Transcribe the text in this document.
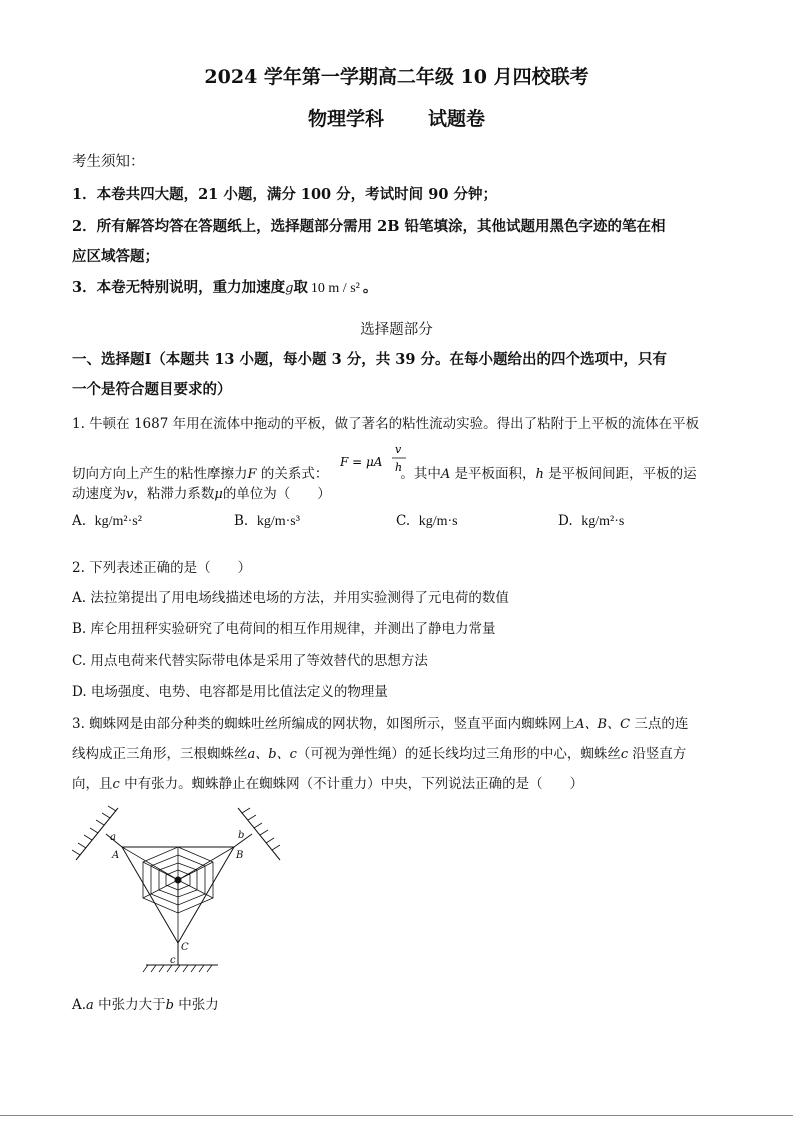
2024 学年第一学期高二年级 10 月四校联考
物理学科 试题卷
考生须知：
1．本卷共四大题，21 小题，满分 100 分，考试时间 90 分钟；
2．所有解答均答在答题纸上，选择题部分需用 2B 铅笔填涂，其他试题用黑色字迹的笔在相
应区域答题；
3．本卷无特别说明，重力加速度g取 10 m / s² 。
选择题部分
一、选择题Ⅰ（本题共 13 小题，每小题 3 分，共 39 分。在每小题给出的四个选项中，只有
一个是符合题目要求的）
1. 牛顿在 1687 年用在流体中拖动的平板，做了著名的粘性流动实验。得出了粘附于上平板的流体在平板
F = μA
v
h
切向方向上产生的粘性摩擦力F 的关系式：	。其中A 是平板面积，h 是平板间间距，平板的运
动速度为v，粘滞力系数μ的单位为（　　）
A. kg/m²·s²	B. kg/m·s³	C. kg/m·s	D. kg/m²·s
2. 下列表述正确的是（　　）
A. 法拉第提出了用电场线描述电场的方法，并用实验测得了元电荷的数值
B. 库仑用扭秤实验研究了电荷间的相互作用规律，并测出了静电力常量
C. 用点电荷来代替实际带电体是采用了等效替代的思想方法
D. 电场强度、电势、电容都是用比值法定义的物理量
3. 蜘蛛网是由部分种类的蜘蛛吐丝所编成的网状物，如图所示，竖直平面内蜘蛛网上A、B、C 三点的连
线构成正三角形，三根蜘蛛丝a、b、c（可视为弹性绳）的延长线均过三角形的中心，蜘蛛丝c 沿竖直方
向，且c 中有张力。蜘蛛静止在蜘蛛网（不计重力）中央，下列说法正确的是（　　）
a	b
c
A	B
C
A.a 中张力大于b 中张力
